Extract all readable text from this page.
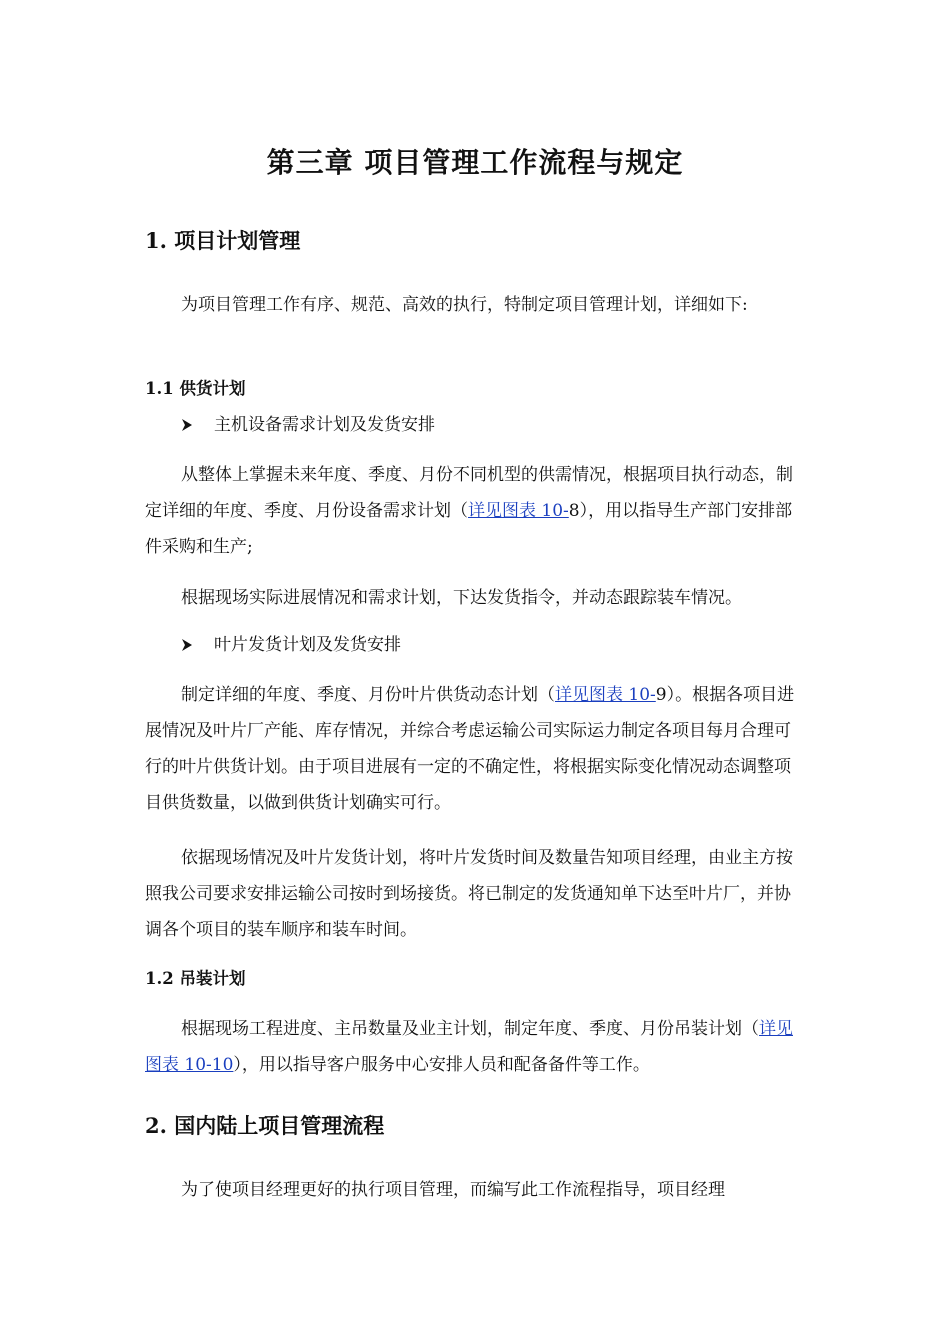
第三章 项目管理工作流程与规定
1. 项目计划管理

为项目管理工作有序、规范、高效的执行，特制定项目管理计划，详细如下:

1.1 供货计划
主机设备需求计划及发货安排

从整体上掌握未来年度、季度、月份不同机型的供需情况，根据项目执行动态，制定详细的年度、季度、月份设备需求计划（详见图表 10-8），用以指导生产部门安排部件采购和生产;

根据现场实际进展情况和需求计划，下达发货指令，并动态跟踪装车情况。

叶片发货计划及发货安排

制定详细的年度、季度、月份叶片供货动态计划（详见图表 10-9）。根据各项目进展情况及叶片厂产能、库存情况，并综合考虑运输公司实际运力制定各项目每月合理可行的叶片供货计划。由于项目进展有一定的不确定性，将根据实际变化情况动态调整项目供货数量，以做到供货计划确实可行。

依据现场情况及叶片发货计划，将叶片发货时间及数量告知项目经理，由业主方按照我公司要求安排运输公司按时到场接货。将已制定的发货通知单下达至叶片厂，并协调各个项目的装车顺序和装车时间。

1.2 吊装计划

根据现场工程进度、主吊数量及业主计划，制定年度、季度、月份吊装计划（详见图表 10-10），用以指导客户服务中心安排人员和配备备件等工作。

2. 国内陆上项目管理流程

为了使项目经理更好的执行项目管理，而编写此工作流程指导，项目经理
